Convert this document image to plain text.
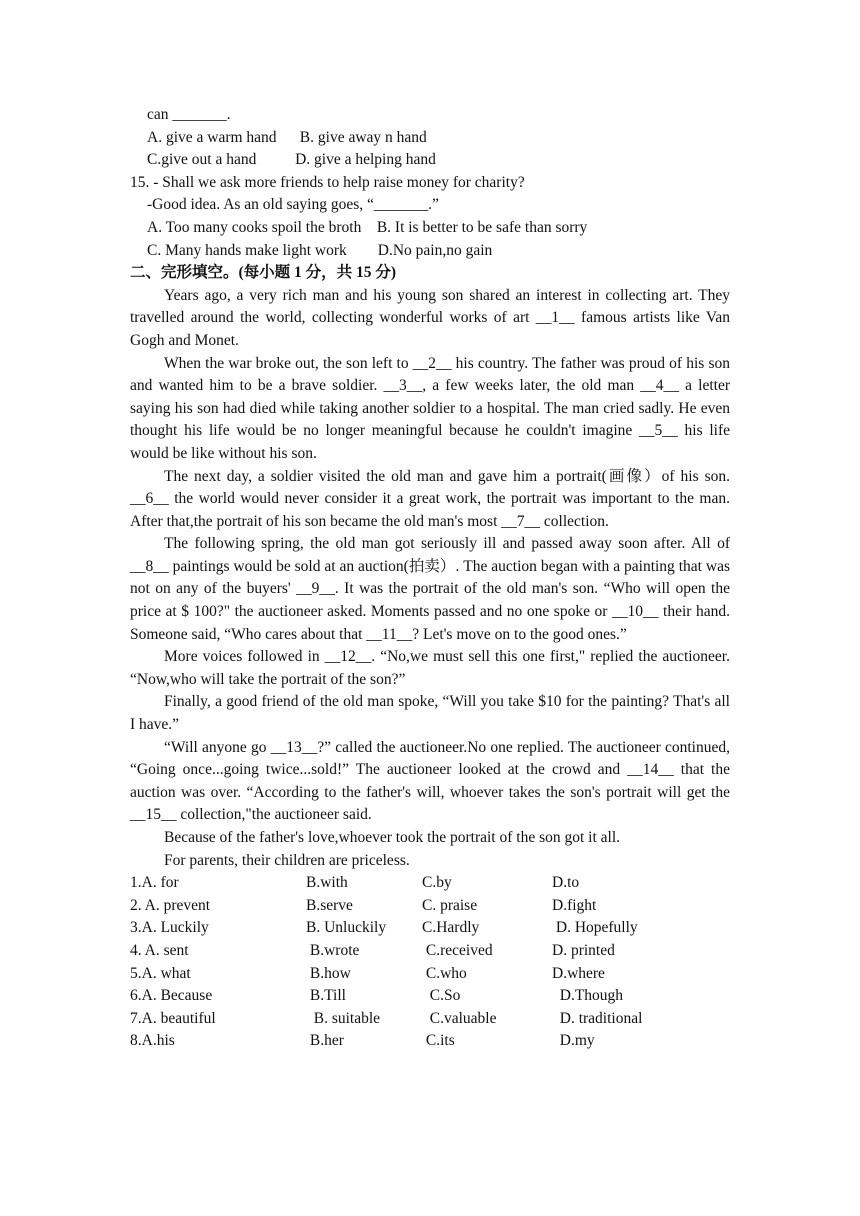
can _______.
A. give a warm hand      B. give away n hand
C.give out a hand          D. give a helping hand
15. - Shall we ask more friends to help raise money for charity?
-Good idea. As an old saying goes, “_______.”
A. Too many cooks spoil the broth    B. It is better to be safe than sorry
C. Many hands make light work        D.No pain,no gain
二、完形填空。(每小题 1 分，共 15 分)
Years ago, a very rich man and his young son shared an interest in collecting art. They travelled around the world, collecting wonderful works of art __1__ famous artists like Van Gogh and Monet.
When the war broke out, the son left to __2__ his country. The father was proud of his son and wanted him to be a brave soldier. __3__, a few weeks later, the old man __4__ a letter saying his son had died while taking another soldier to a hospital. The man cried sadly. He even thought his life would be no longer meaningful because he couldn't imagine __5__ his life would be like without his son.
The next day, a soldier visited the old man and gave him a portrait(画像）of his son. __6__ the world would never consider it a great work, the portrait was important to the man. After that,the portrait of his son became the old man's most __7__ collection.
The following spring, the old man got seriously ill and passed away soon after. All of __8__ paintings would be sold at an auction(拍卖）. The auction began with a painting that was not on any of the buyers' __9__. It was the portrait of the old man's son. “Who will open the price at $ 100?" the auctioneer asked. Moments passed and no one spoke or __10__ their hand. Someone said, “Who cares about that __11__? Let's move on to the good ones.”
More voices followed in __12__. “No,we must sell this one first," replied the auctioneer. “Now,who will take the portrait of the son?”
Finally, a good friend of the old man spoke, “Will you take $10 for the painting? That's all I have.”
“Will anyone go __13__?” called the auctioneer.No one replied. The auctioneer continued, “Going once...going twice...sold!” The auctioneer looked at the crowd and __14__ that the auction was over. “According to the father's will, whoever takes the son's portrait will get the __15__ collection,"the auctioneer said.
Because of the father's love,whoever took the portrait of the son got it all.
For parents, their children are priceless.
1.A. for	B.with	C.by	D.to
2. A. prevent	B.serve	C. praise	D.fight
3.A. Luckily	B. Unluckily	C.Hardly	D. Hopefully
4. A. sent	B.wrote	C.received	D. printed
5.A. what	B.how	C.who	D.where
6.A. Because	B.Till	C.So	D.Though
7.A. beautiful	B. suitable	C.valuable	D. traditional
8.A.his	B.her	C.its	D.my
